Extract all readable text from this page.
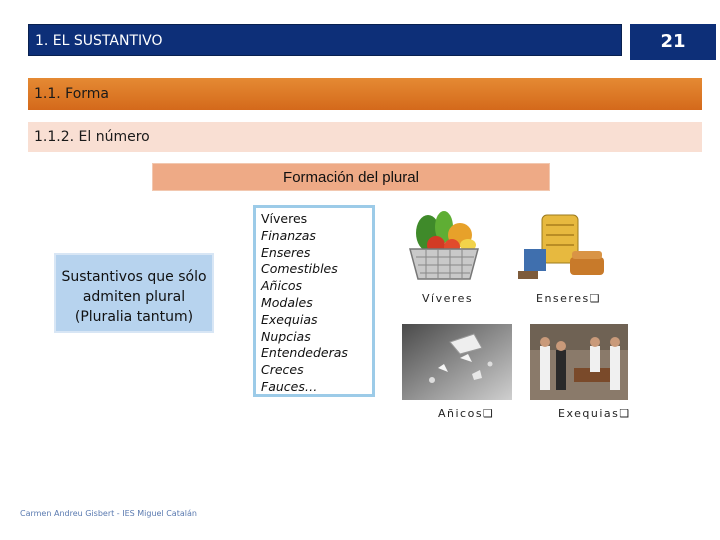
1. EL SUSTANTIVO	21
1.1. Forma
1.1.2. El número
Formación del plural
Sustantivos que sólo
admiten plural
(Pluralia tantum)
Víveres
Finanzas
Enseres
Comestibles
Añicos
Modales
Exequias
Nupcias
Entendederas
Creces
Fauces…
Víveres	Enseres❑
Añicos❑	Exequias❑
Carmen Andreu Gisbert - IES Miguel Catalán
